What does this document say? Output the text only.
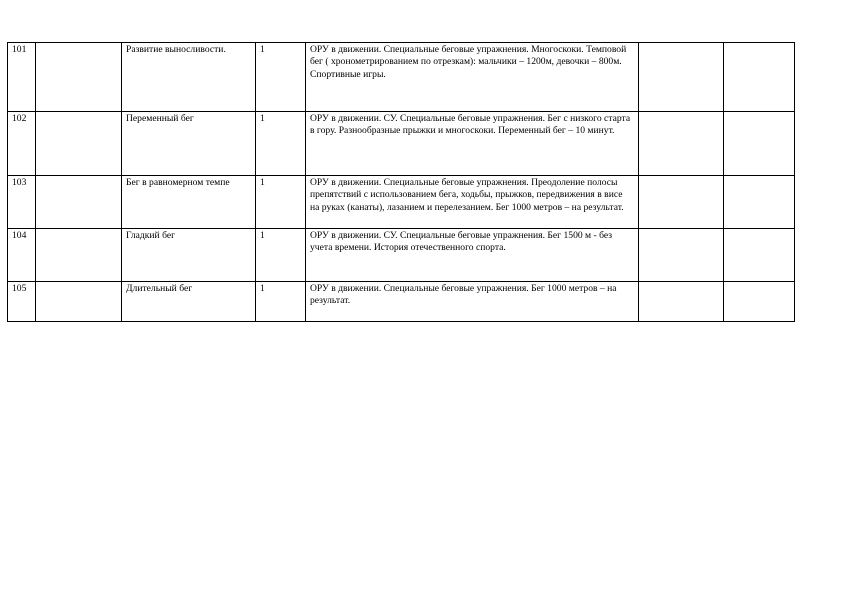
101		Развитие выносливости.	1	ОРУ в движении. Специальные беговые упражнения. Многоскоки. Темповой бег ( хронометрированием по отрезкам): мальчики – 1200м, девочки – 800м. Спортивные игры.		
102		Переменный бег	1	ОРУ в движении. СУ. Специальные беговые упражнения. Бег с низкого старта в гору. Разнообразные прыжки и многоскоки. Переменный бег – 10 минут.		
103		Бег в равномерном темпе	1	ОРУ в движении. Специальные беговые упражнения. Преодоление полосы препятствий с использованием бега, ходьбы, прыжков, передвижения в висе на руках (канаты), лазанием и перелезанием. Бег 1000 метров – на результат.		
104		Гладкий бег	1	ОРУ в движении. СУ. Специальные беговые упражнения. Бег 1500 м - без учета времени. История отечественного спорта.		
105		Длительный бег	1	ОРУ в движении. Специальные беговые упражнения. Бег 1000 метров – на результат.		
